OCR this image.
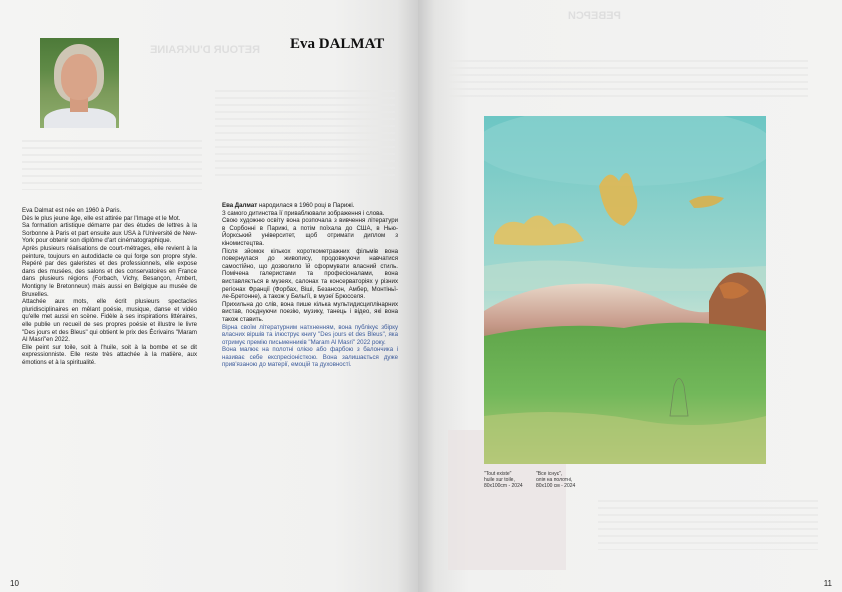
RETOUR D'UKRAINE Eva DALMAT

Eva Dalmat est née en 1960 à Paris.

Dès le plus jeune âge, elle est attirée par l'Image et le Mot.

Sa formation artistique démarre par des études de lettres à la Sorbonne à Paris et part ensuite aux USA à l'Université de New-York pour obtenir son diplôme d'art cinématographique.

Après plusieurs réalisations de court-métrages, elle revient à la peinture, toujours en autodidacte ce qui forge son propre style. Repéré par des galeristes et des professionnels, elle expose dans des musées, des salons et des conservatoires en France dans plusieurs régions (Forbach, Vichy, Besançon, Ambert, Montigny le Bretonneux) mais aussi en Belgique au musée de Bruxelles.

Attachée aux mots, elle écrit plusieurs spectacles pluridisciplinaires en mêlant poésie, musique, danse et vidéo qu'elle met aussi en scène. Fidèle à ses inspirations littéraires, elle publie un recueil de ses propres poésie et illustre le livre "Des jours et des Bleus" qui obtient le prix des Écrivains "Maram Al Masri"en 2022.

Elle peint sur toile, soit à l'huile, soit à la bombe et se dit expressionniste. Elle reste très attachée à la matière, aux émotions et à la spiritualité.

Ева Далмат народилася в 1960 році в Парижі.

З самого дитинства її приваблювали зображення і слова.

Свою художню освіту вона розпочала з вивчення літератури в Сорбонні в Парижі, а потім поїхала до США, в Нью-Йоркський університет, щоб отримати диплом з кіномистецтва.

Після зйомок кількох короткометражних фільмів вона повернулася до живопису, продовжуючи навчатися самостійно, що дозволило їй сформувати власний стиль. Помічена галеристами та професіоналами, вона виставляється в музеях, салонах та консерваторіях у різних регіонах Франції (Форбах, Віші, Безансон, Амбер, Монтіньї-ле-Бретонне), а також у Бельгії, в музеї Брюсселя.

Прихильна до слів, вона пише кілька мультидисциплінарних вистав, поєднуючи поезію, музику, танець і відео, які вона також ставить.

Вірна своїм літературним натхненням, вона публікує збірку власних віршів та ілюструє книгу "Des jours et des Bleus", яка отримує премію письменників "Maram Al Masri" 2022 року.

Вона малює на полотні олією або фарбою з балончика і називає себе експресіоністкою. Вона залишається дуже прив'язаною до матерії, емоцій та духовності.

10
РЕВЕРСИ
11
"Tout existe"
huile sur toile,
80x100cm - 2024
"Все існує",
олія на полотні,
80x100 см - 2024
